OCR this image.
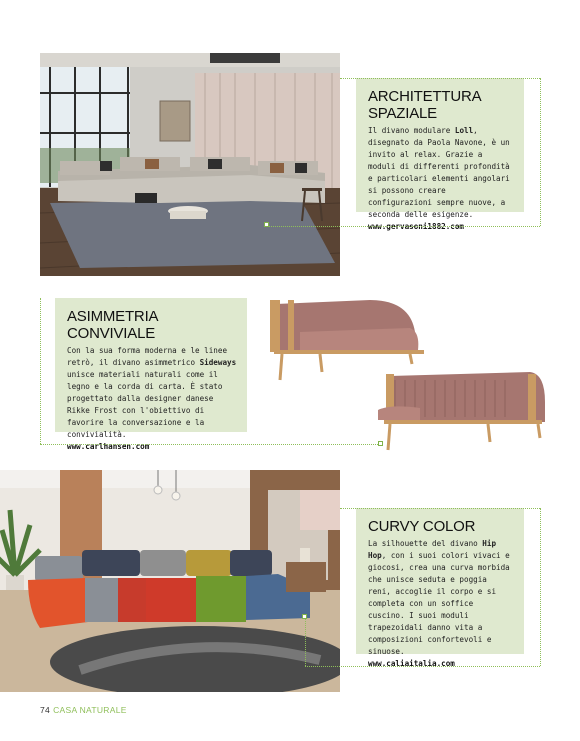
ARCHITETTURA SPAZIALE

Il divano modulare Loll, disegnato da Paola Navone, è un invito al relax. Grazie a moduli di differenti profondità e particolari elementi angolari si possono creare configurazioni sempre nuove, a seconda delle esigenze.

www.gervasoni1882.com
ASIMMETRIA CONVIVIALE

Con la sua forma moderna e le linee retrò, il divano asimmetrico Sideways unisce materiali naturali come il legno e la corda di carta. È stato progettato dalla designer danese Rikke Frost con l'obiettivo di favorire la conversazione e la convivialità.

www.carlhansen.com
CURVY COLOR

La silhouette del divano Hip Hop, con i suoi colori vivaci e giocosi, crea una curva morbida che unisce seduta e poggia reni, accoglie il corpo e si completa con un soffice cuscino. I suoi moduli trapezoidali danno vita a composizioni confortevoli e sinuose.

www.caliaitalia.com
74 CASA NATURALE
